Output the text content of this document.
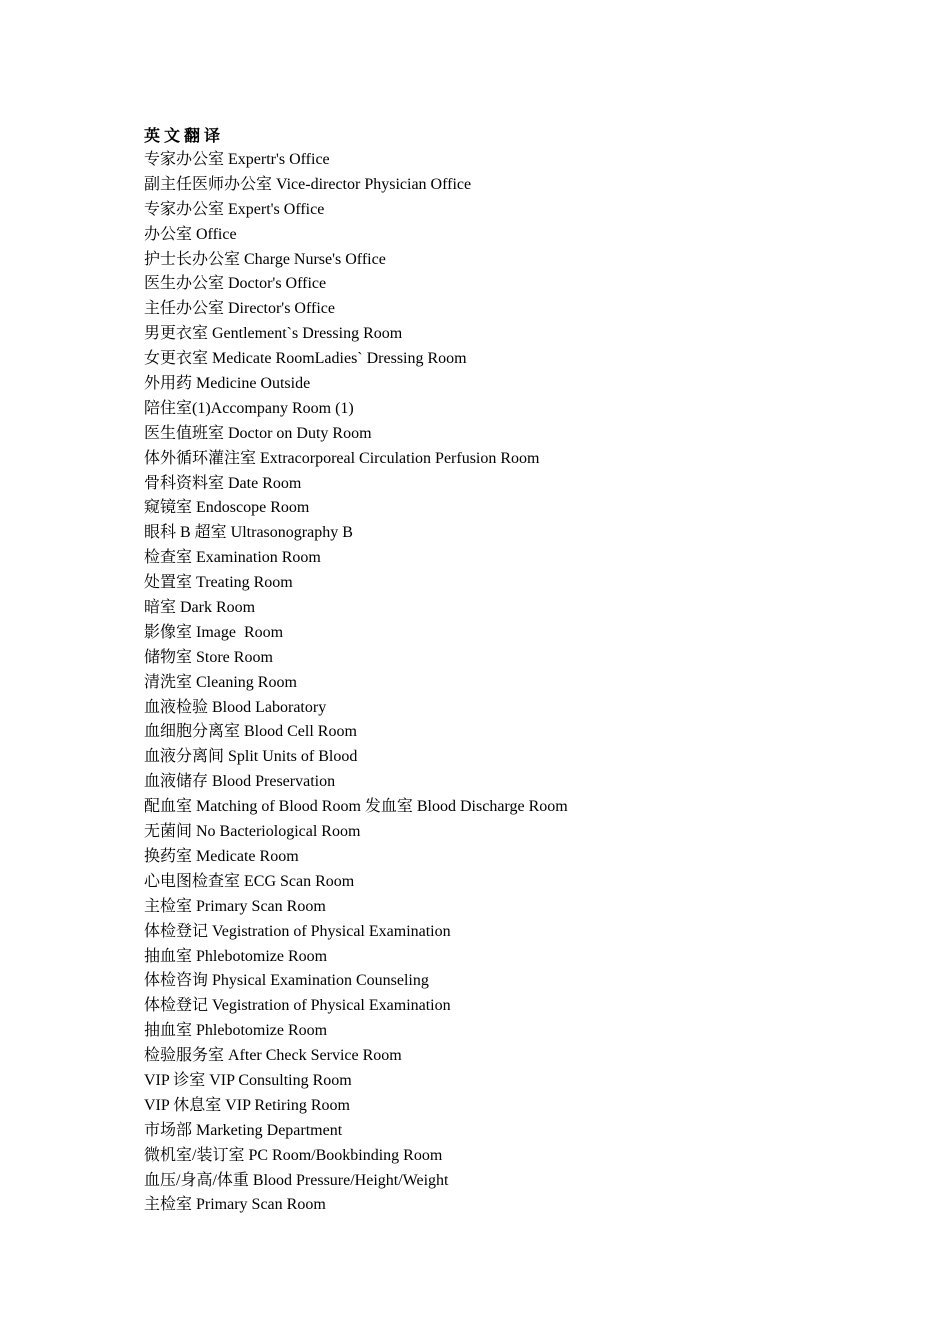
英文翻译
专家办公室 Expertr's Office
副主任医师办公室 Vice-director Physician Office
专家办公室 Expert's Office
办公室 Office
护士长办公室 Charge Nurse's Office
医生办公室 Doctor's Office
主任办公室 Director's Office
男更衣室 Gentlement`s Dressing Room
女更衣室 Medicate RoomLadies` Dressing Room
外用药 Medicine Outside
陪住室(1)Accompany Room (1)
医生值班室 Doctor on Duty Room
体外循环灌注室 Extracorporeal Circulation Perfusion Room
骨科资料室 Date Room
窥镜室 Endoscope Room
眼科 B 超室 Ultrasonography B
检查室 Examination Room
处置室 Treating Room
暗室 Dark Room
影像室 Image  Room
储物室 Store Room
清洗室 Cleaning Room
血液检验 Blood Laboratory
血细胞分离室 Blood Cell Room
血液分离间 Split Units of Blood
血液储存 Blood Preservation
配血室 Matching of Blood Room 发血室 Blood Discharge Room
无菌间 No Bacteriological Room
换药室 Medicate Room
心电图检查室 ECG Scan Room
主检室 Primary Scan Room
体检登记 Vegistration of Physical Examination
抽血室 Phlebotomize Room
体检咨询 Physical Examination Counseling
体检登记 Vegistration of Physical Examination
抽血室 Phlebotomize Room
检验服务室 After Check Service Room
VIP 诊室 VIP Consulting Room
VIP 休息室 VIP Retiring Room
市场部 Marketing Department
微机室/装订室 PC Room/Bookbinding Room
血压/身高/体重 Blood Pressure/Height/Weight
主检室 Primary Scan Room
